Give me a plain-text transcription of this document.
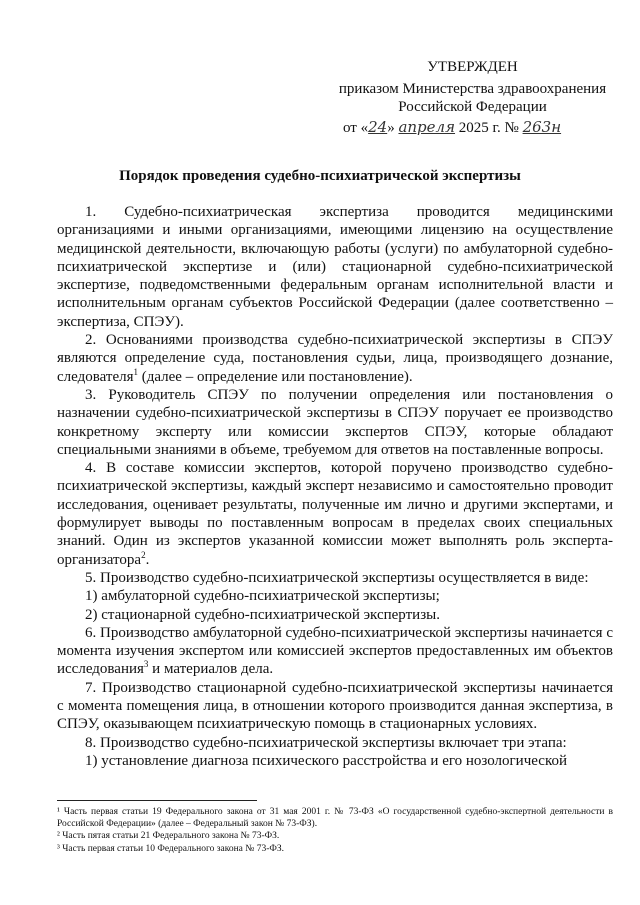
УТВЕРЖДЕН
приказом Министерства здравоохранения
Российской Федерации
от «24» апреля 2025 г. № 263н
Порядок проведения судебно-психиатрической экспертизы

1. Судебно-психиатрическая экспертиза проводится медицинскими организациями и иными организациями, имеющими лицензию на осуществление медицинской деятельности, включающую работы (услуги) по амбулаторной судебно-психиатрической экспертизе и (или) стационарной судебно-психиатрической экспертизе, подведомственными федеральным органам исполнительной власти и исполнительным органам субъектов Российской Федерации (далее соответственно – экспертиза, СПЭУ).

2. Основаниями производства судебно-психиатрической экспертизы в СПЭУ являются определение суда, постановления судьи, лица, производящего дознание, следователя$^1$ (далее – определение или постановление).

3. Руководитель СПЭУ по получении определения или постановления о назначении судебно-психиатрической экспертизы в СПЭУ поручает ее производство конкретному эксперту или комиссии экспертов СПЭУ, которые обладают специальными знаниями в объеме, требуемом для ответов на поставленные вопросы.

4. В составе комиссии экспертов, которой поручено производство судебно-психиатрической экспертизы, каждый эксперт независимо и самостоятельно проводит исследования, оценивает результаты, полученные им лично и другими экспертами, и формулирует выводы по поставленным вопросам в пределах своих специальных знаний. Один из экспертов указанной комиссии может выполнять роль эксперта-организатора$^2$.

5. Производство судебно-психиатрической экспертизы осуществляется в виде:

1) амбулаторной судебно-психиатрической экспертизы;

2) стационарной судебно-психиатрической экспертизы.

6. Производство амбулаторной судебно-психиатрической экспертизы начинается с момента изучения экспертом или комиссией экспертов предоставленных им объектов исследования$^3$ и материалов дела.

7. Производство стационарной судебно-психиатрической экспертизы начинается с момента помещения лица, в отношении которого производится данная экспертиза, в СПЭУ, оказывающем психиатрическую помощь в стационарных условиях.

8. Производство судебно-психиатрической экспертизы включает три этапа:

1) установление диагноза психического расстройства и его нозологической

¹ Часть первая статьи 19 Федерального закона от 31 мая 2001 г. № 73-ФЗ «О государственной судебно-экспертной деятельности в Российской Федерации» (далее – Федеральный закон № 73-ФЗ).
² Часть пятая статьи 21 Федерального закона № 73-ФЗ.
³ Часть первая статьи 10 Федерального закона № 73-ФЗ.
